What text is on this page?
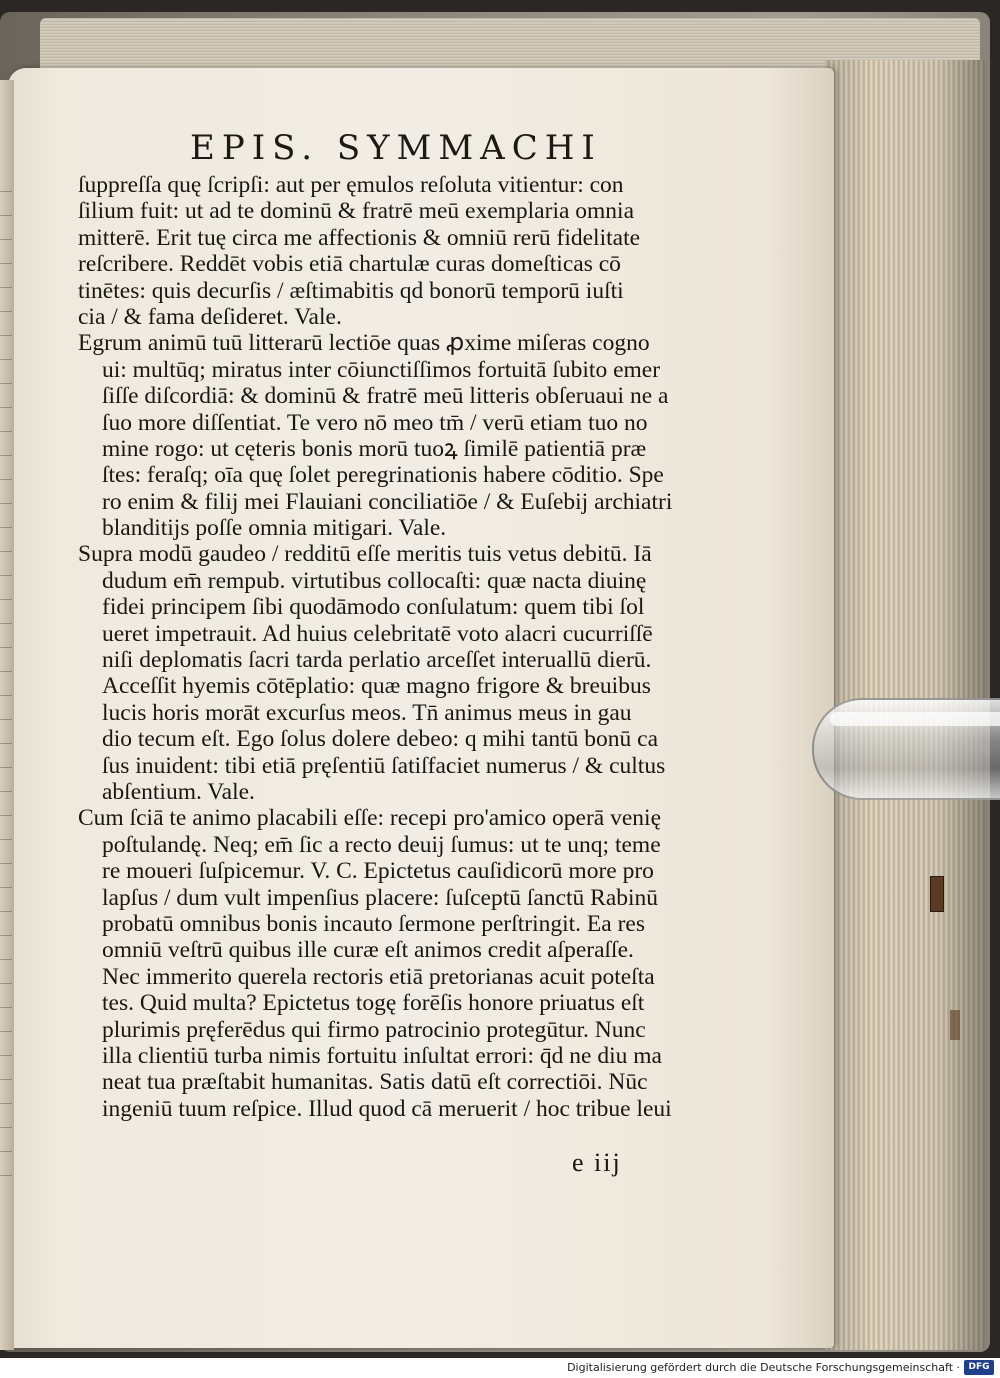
EPIS. SYMMACHI
ſuppreſſa quę ſcripſi: aut per ęmulos reſoluta vitientur: con
ſilium fuit: ut ad te dominū & fratrē meū exemplaria omnia
mitterē. Erit tuę circa me affectionis & omniū rerū fidelitate
reſcribere. Reddēt vobis etiā chartulæ curas domeſticas cō
tinētes: quis decurſis / æſtimabitis qd bonorū temporū iuſti
cia / & fama deſideret. Vale.
Egrum animū tuū litterarū lectiōe quas ꝓxime miſeras cogno
ui: multūq; miratus inter cōiunctiſſimos fortuitā ſubito emer
ſiſſe diſcordiā: & dominū & fratrē meū litteris obſeruaui ne a
ſuo more diſſentiat. Te vero nō meo tm̄ / verū etiam tuo no
mine rogo: ut cęteris bonis morū tuoꝝ ſimilē patientiā præ
ſtes: feraſq; oīa quę ſolet peregrinationis habere cōditio. Spe
ro enim & filij mei Flauiani conciliatiōe / & Euſebij archiatri
blanditijs poſſe omnia mitigari. Vale.
Supra modū gaudeo / redditū eſſe meritis tuis vetus debitū. Iā
dudum em̄ rempub. virtutibus collocaſti: quæ nacta diuinę
fidei principem ſibi quodāmodo conſulatum: quem tibi ſol
ueret impetrauit. Ad huius celebritatē voto alacri cucurriſſē
niſi deplomatis ſacri tarda perlatio arceſſet interuallū dierū.
Acceſſit hyemis cōtēplatio: quæ magno frigore & breuibus
lucis horis morāt excurſus meos. Tn̄ animus meus in gau
dio tecum eſt. Ego ſolus dolere debeo: q mihi tantū bonū ca
ſus inuident: tibi etiā pręſentiū ſatiſfaciet numerus / & cultus
abſentium. Vale.
Cum ſciā te animo placabili eſſe: recepi pro'amico operā venię
poſtulandę. Neq; em̄ ſic a recto deuij ſumus: ut te unq; teme
re moueri ſuſpicemur. V. C. Epictetus cauſidicorū more pro
lapſus / dum vult impenſius placere: ſuſceptū ſanctū Rabinū
probatū omnibus bonis incauto ſermone perſtringit. Ea res
omniū veſtrū quibus ille curæ eſt animos credit aſperaſſe.
Nec immerito querela rectoris etiā pretorianas acuit poteſta
tes. Quid multa? Epictetus togę forēſis honore priuatus eſt
plurimis pręferēdus qui firmo patrocinio protegūtur. Nunc
illa clientiū turba nimis fortuitu inſultat errori: q̄d ne diu ma
neat tua præſtabit humanitas. Satis datū eſt correctiōi. Nūc
ingeniū tuum reſpice. Illud quod cā meruerit / hoc tribue leui
e iij
Digitalisierung gefördert durch die Deutsche Forschungsgemeinschaft · DFG
